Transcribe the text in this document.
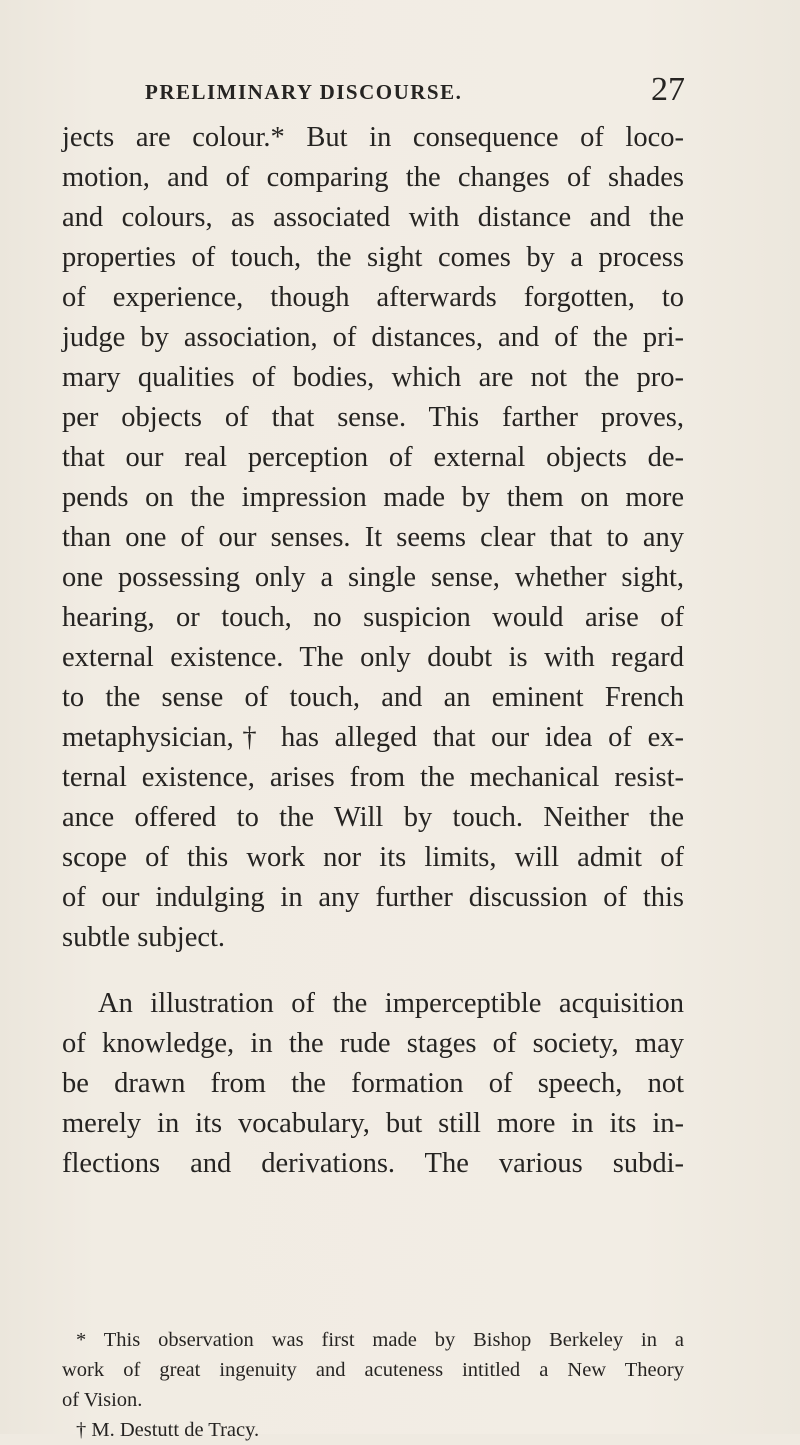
PRELIMINARY DISCOURSE.	27
jects are colour.* But in consequence of loco-
motion, and of comparing the changes of shades
and colours, as associated with distance and the
properties of touch, the sight comes by a process
of experience, though afterwards forgotten, to
judge by association, of distances, and of the pri-
mary qualities of bodies, which are not the pro-
per objects of that sense. This farther proves,
that our real perception of external objects de-
pends on the impression made by them on more
than one of our senses. It seems clear that to any
one possessing only a single sense, whether sight,
hearing, or touch, no suspicion would arise of
external existence. The only doubt is with regard
to the sense of touch, and an eminent French
metaphysician,† has alleged that our idea of ex-
ternal existence, arises from the mechanical resist-
ance offered to the Will by touch. Neither the
scope of this work nor its limits, will admit of
of our indulging in any further discussion of this
subtle subject.
An illustration of the imperceptible acquisition
of knowledge, in the rude stages of society, may
be drawn from the formation of speech, not
merely in its vocabulary, but still more in its in-
flections and derivations. The various subdi-
* This observation was first made by Bishop Berkeley in a
work of great ingenuity and acuteness intitled a New Theory
of Vision.
† M. Destutt de Tracy.
